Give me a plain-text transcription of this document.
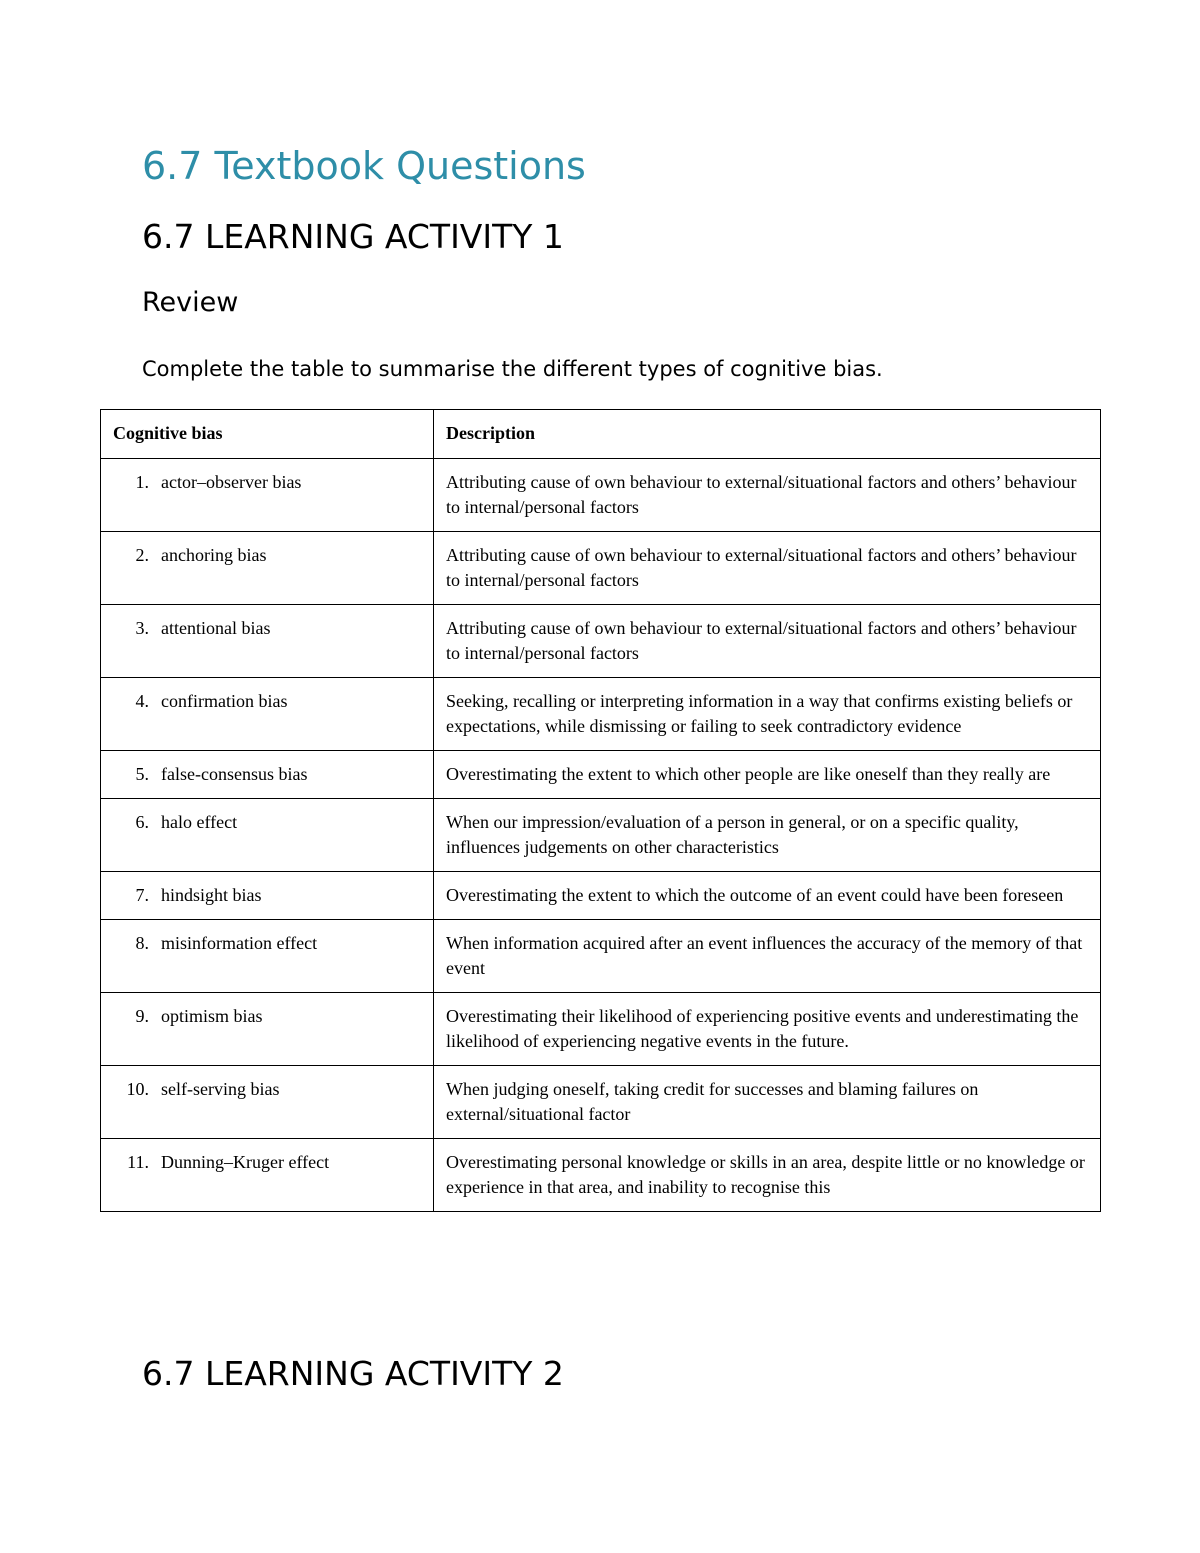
6.7 Textbook Questions
6.7 LEARNING ACTIVITY 1
Review

Complete the table to summarise the different types of cognitive bias.

Cognitive bias	Description

1. actor–observer bias	Attributing cause of own behaviour to external/situational factors and others’ behaviour to internal/personal factors

2. anchoring bias	Attributing cause of own behaviour to external/situational factors and others’ behaviour to internal/personal factors

3. attentional bias	Attributing cause of own behaviour to external/situational factors and others’ behaviour to internal/personal factors

4. confirmation bias	Seeking, recalling or interpreting information in a way that confirms existing beliefs or expectations, while dismissing or failing to seek contradictory evidence

5. false-consensus bias	Overestimating the extent to which other people are like oneself than they really are

6. halo effect	When our impression/evaluation of a person in general, or on a specific quality, influences judgements on other characteristics

7. hindsight bias	Overestimating the extent to which the outcome of an event could have been foreseen

8. misinformation effect	When information acquired after an event influences the accuracy of the memory of that event

9. optimism bias	Overestimating their likelihood of experiencing positive events and underestimating the likelihood of experiencing negative events in the future.

10. self-serving bias	When judging oneself, taking credit for successes and blaming failures on external/situational factor

11. Dunning–Kruger effect	Overestimating personal knowledge or skills in an area, despite little or no knowledge or experience in that area, and inability to recognise this
6.7 LEARNING ACTIVITY 2
